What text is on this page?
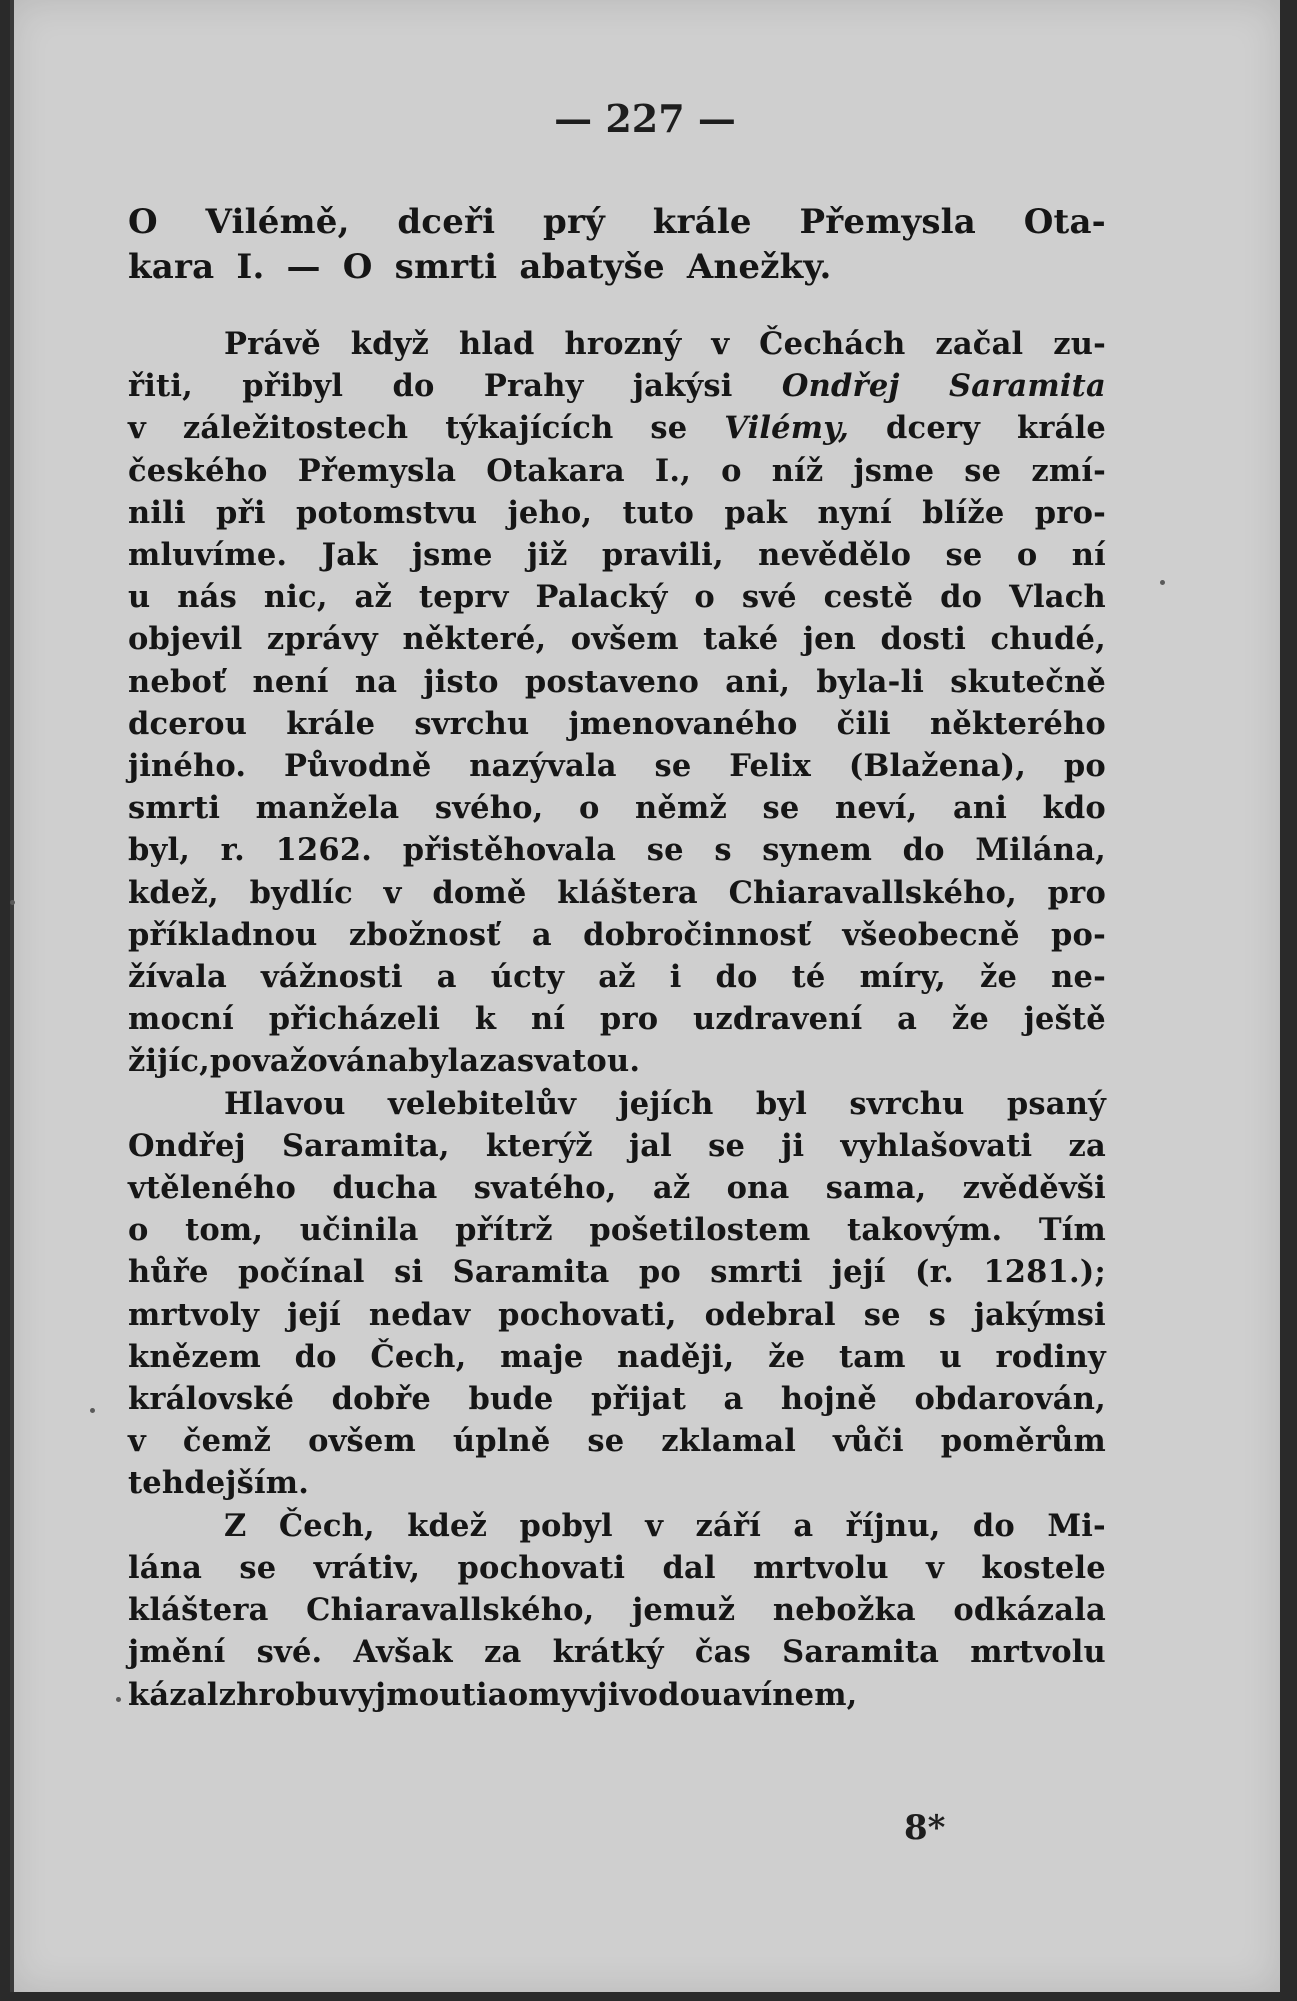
— 227 —
O Vilémě, dceři prý krále Přemysla Ota-
kara I. — O smrti abatyše Anežky.
Právě když hlad hrozný v Čechách začal zu-
řiti, přibyl do Prahy jakýsi Ondřej Saramita
v záležitostech týkajících se Vilémy, dcery krále
českého Přemysla Otakara I., o níž jsme se zmí-
nili při potomstvu jeho, tuto pak nyní blíže pro-
mluvíme. Jak jsme již pravili, nevědělo se o ní
u nás nic, až teprv Palacký o své cestě do Vlach
objevil zprávy některé, ovšem také jen dosti chudé,
neboť není na jisto postaveno ani, byla-li skutečně
dcerou krále svrchu jmenovaného čili některého
jiného. Původně nazývala se Felix (Blažena), po
smrti manžela svého, o němž se neví, ani kdo
byl, r. 1262. přistěhovala se s synem do Milána,
kdež, bydlíc v domě kláštera Chiaravallského, pro
příkladnou zbožnosť a dobročinnosť všeobecně po-
žívala vážnosti a úcty až i do té míry, že ne-
mocní přicházeli k ní pro uzdravení a že ještě
žijíc, považována byla za svatou.
Hlavou velebitelův jejích byl svrchu psaný
Ondřej Saramita, kterýž jal se ji vyhlašovati za
vtěleného ducha svatého, až ona sama, zvěděvši
o tom, učinila přítrž pošetilostem takovým. Tím
hůře počínal si Saramita po smrti její (r. 1281.);
mrtvoly její nedav pochovati, odebral se s jakýmsi
knězem do Čech, maje naději, že tam u rodiny
královské dobře bude přijat a hojně obdarován,
v čemž ovšem úplně se zklamal vůči poměrům
tehdejším.
Z Čech, kdež pobyl v září a říjnu, do Mi-
lána se vrátiv, pochovati dal mrtvolu v kostele
kláštera Chiaravallského, jemuž nebožka odkázala
jmění své. Avšak za krátký čas Saramita mrtvolu
kázal z hrobu vyjmouti a omyv ji vodou a vínem,
8*
